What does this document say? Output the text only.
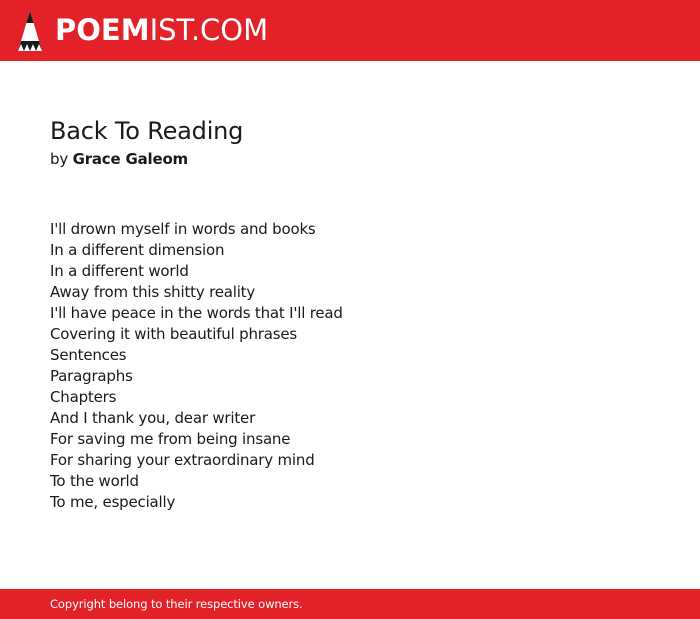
POEMIST.COM
Back To Reading
by Grace Galeom
I'll drown myself in words and books
In a different dimension
In a different world
Away from this shitty reality
I'll have peace in the words that I'll read
Covering it with beautiful phrases
Sentences
Paragraphs
Chapters
And I thank you, dear writer
For saving me from being insane
For sharing your extraordinary mind
To the world
To me, especially
Copyright belong to their respective owners.
